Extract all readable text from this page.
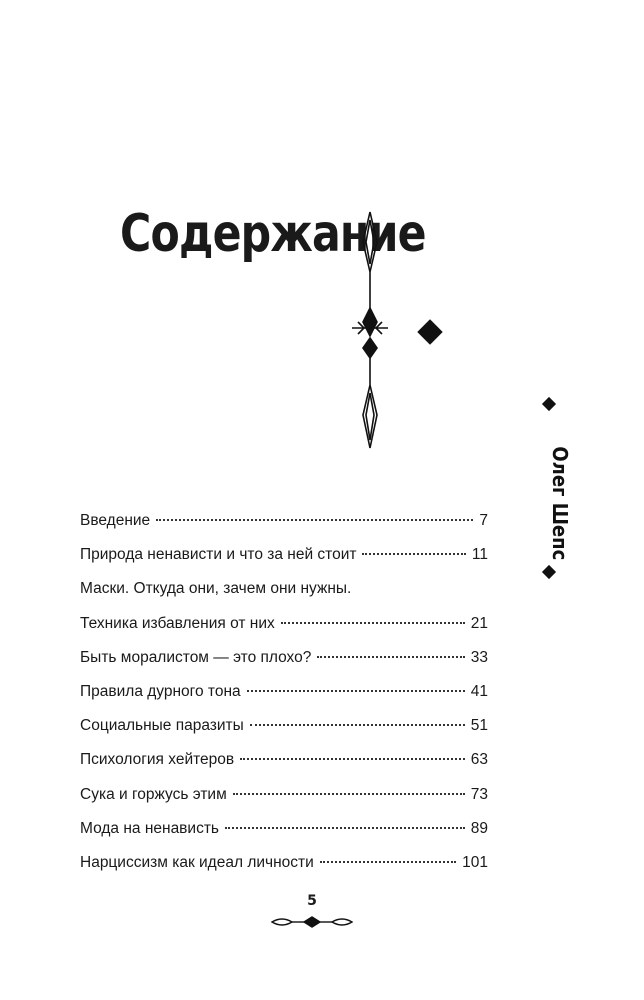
Содержание
Олег Шепс
Введение	7
Природа ненависти и что за ней стоит	11
Маски. Откуда они, зачем они нужны.
Техника избавления от них	21
Быть моралистом — это плохо?	33
Правила дурного тона	41
Социальные паразиты	51
Психология хейтеров	63
Сука и горжусь этим	73
Мода на ненависть	89
Нарциссизм как идеал личности	101
5
